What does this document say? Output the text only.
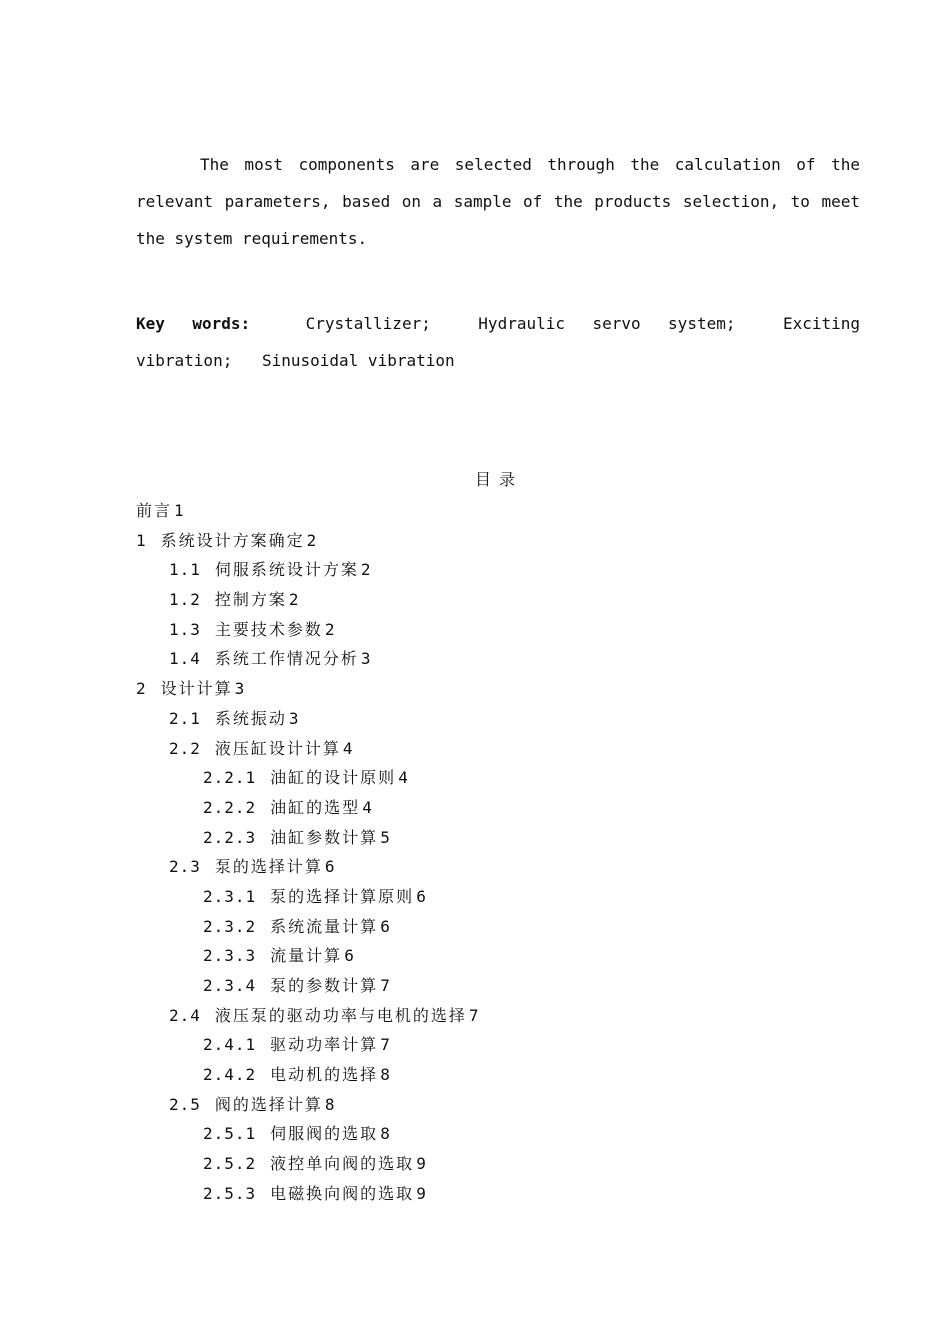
The most components are selected through the calculation of the relevant parameters, based on a sample of the products selection, to meet the system requirements.

Key words:	Crystallizer;	Hydraulic servo system;	Exciting vibration; Sinusoidal vibration

目录
前言 1
1 系统设计方案确定 2
1.1 伺服系统设计方案 2
1.2 控制方案 2
1.3 主要技术参数 2
1.4 系统工作情况分析 3
2 设计计算 3
2.1 系统振动 3
2.2 液压缸设计计算 4
2.2.1 油缸的设计原则 4
2.2.2 油缸的选型 4
2.2.3 油缸参数计算 5
2.3 泵的选择计算 6
2.3.1 泵的选择计算原则 6
2.3.2 系统流量计算 6
2.3.3 流量计算 6
2.3.4 泵的参数计算 7
2.4 液压泵的驱动功率与电机的选择 7
2.4.1 驱动功率计算 7
2.4.2 电动机的选择 8
2.5 阀的选择计算 8
2.5.1 伺服阀的选取 8
2.5.2 液控单向阀的选取 9
2.5.3 电磁换向阀的选取 9
